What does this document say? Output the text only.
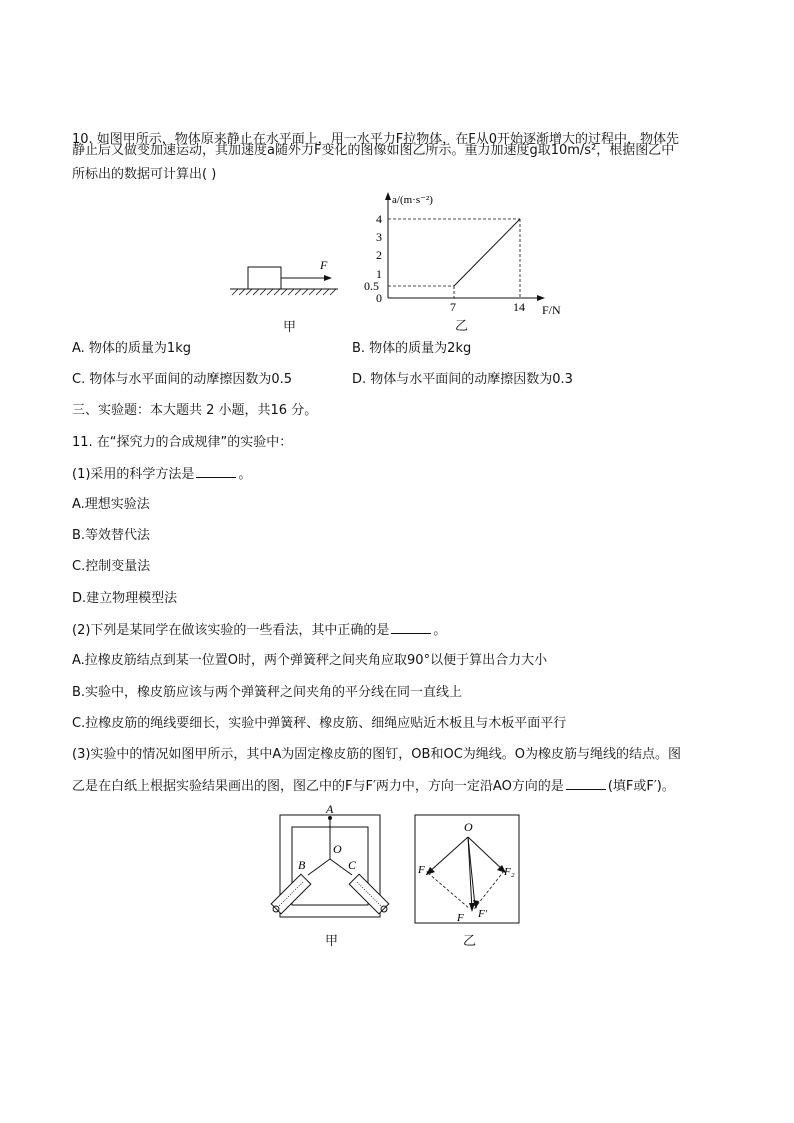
10. 如图甲所示，物体原来静止在水平面上，用一水平力F拉物体，在F从0开始逐渐增大的过程中，物体先
静止后又做变加速运动，其加速度a随外力F变化的图像如图乙所示。重力加速度g取10m/s²，根据图乙中
所标出的数据可计算出( )
F
甲
a/(m·s⁻²)
F/N
4
3
2
1
0.5
0
7	14
乙
A. 物体的质量为1kg	B. 物体的质量为2kg
C. 物体与水平面间的动摩擦因数为0.5	D. 物体与水平面间的动摩擦因数为0.3
三、实验题：本大题共 2 小题，共16 分。
11. 在“探究力的合成规律”的实验中：
(1)采用的科学方法是	。
A.理想实验法
B.等效替代法
C.控制变量法
D.建立物理模型法
(2)下列是某同学在做该实验的一些看法，其中正确的是	。
A.拉橡皮筋结点到某一位置O时，两个弹簧秤之间夹角应取90°以便于算出合力大小
B.实验中，橡皮筋应该与两个弹簧秤之间夹角的平分线在同一直线上
C.拉橡皮筋的绳线要细长，实验中弹簧秤、橡皮筋、细绳应贴近木板且与木板平面平行
(3)实验中的情况如图甲所示，其中A为固定橡皮筋的图钉，OB和OC为绳线。O为橡皮筋与绳线的结点。图
乙是在白纸上根据实验结果画出的图，图乙中的F与F′两力中，方向一定沿AO方向的是	(填F或F′)。
A
O
B	C
甲
O
F₁	F₂
F F′
乙
